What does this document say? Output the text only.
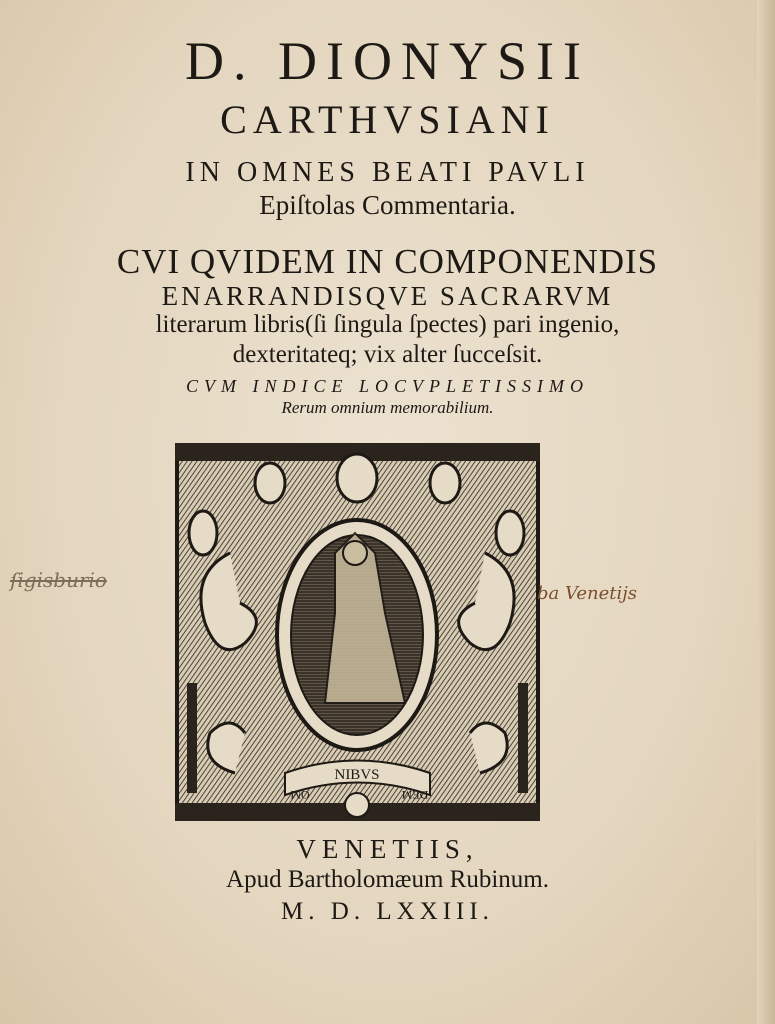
D. DIONYSII
CARTHVSIANI
IN OMNES BEATI PAVLI
Epiſtolas Commentaria.
CVI QVIDEM IN COMPONENDIS
ENARRANDISQVE SACRARVM
literarum libris(ſi ſingula ſpectes) pari ingenio,
dexteritateq; vix alter ſucceſsit.
CVM INDICE LOCVPLETISSIMO
Rerum omnium memorabilium.
NIBVS
OM	DEM
ſigisburio
ba Venetijs
VENETIIS,
Apud Bartholomæum Rubinum.
M. D. LXXIII.
